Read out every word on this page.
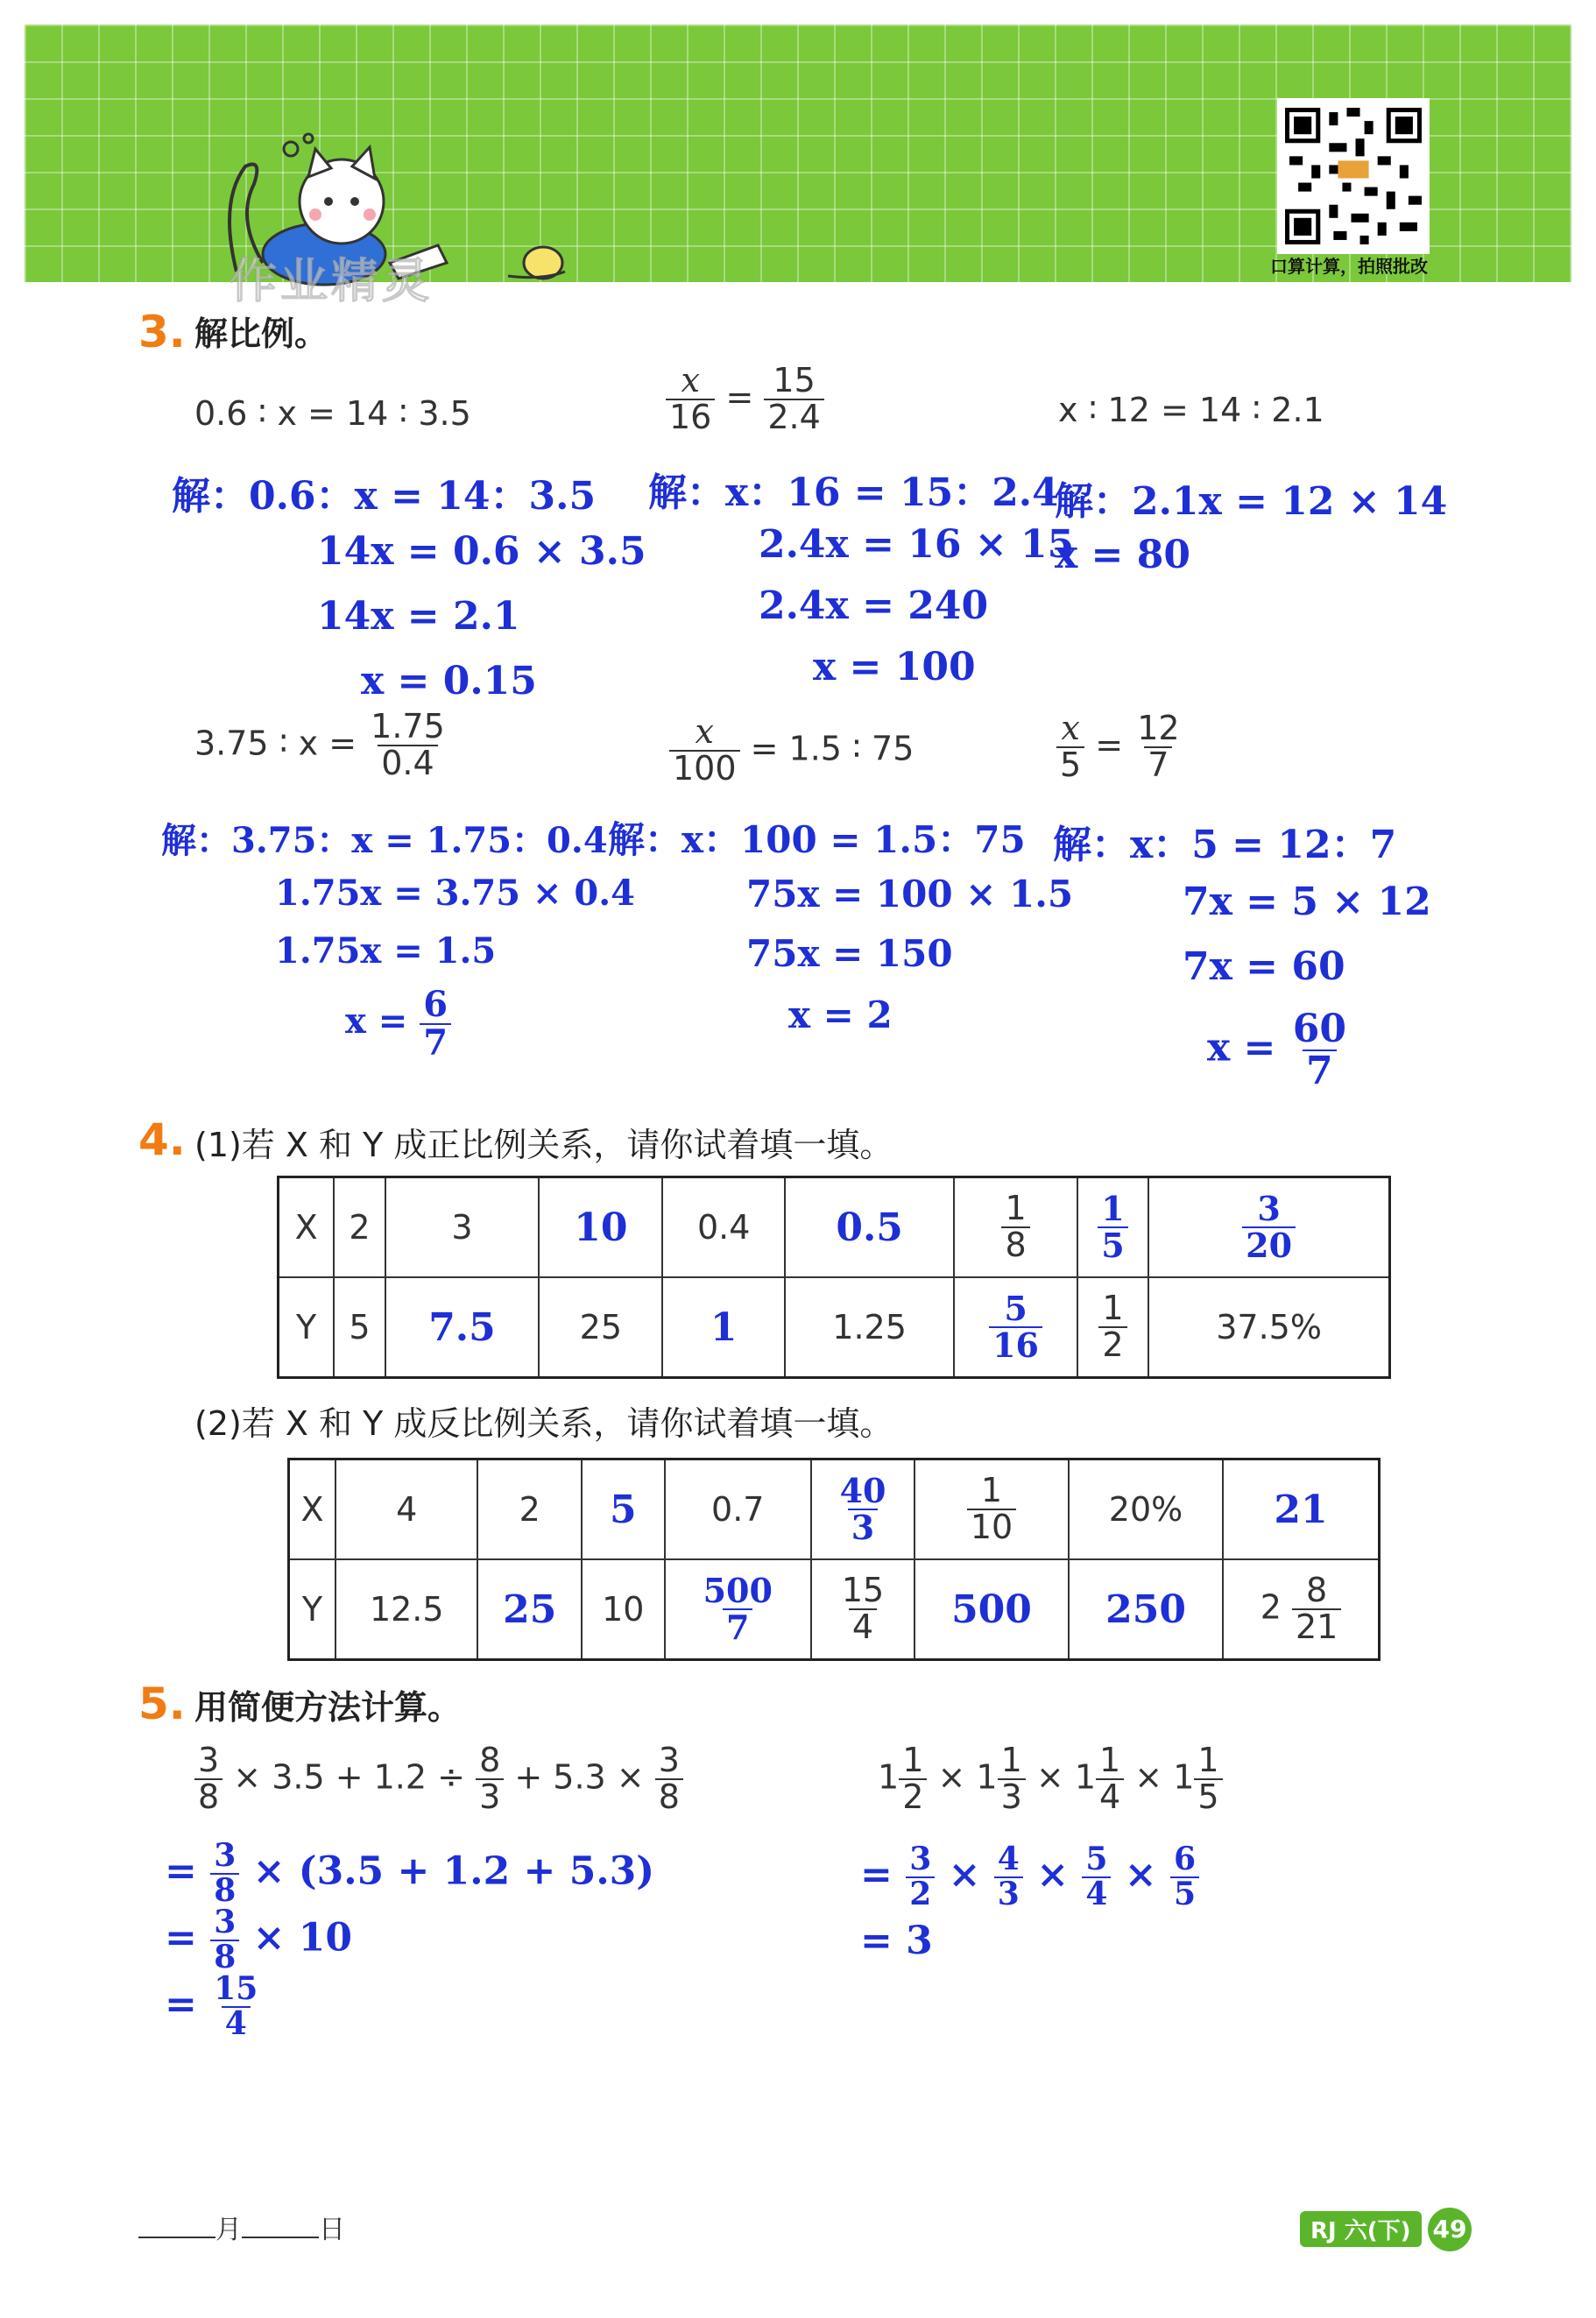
作业精灵	口算计算，拍照批改
3. 解比例。
0.6 ∶ x = 14 ∶ 3.5
解：0.6：x = 14：3.5
14x = 0.6 × 3.5
14x = 2.1
x = 0.15
$\frac{x}{16} = \frac{15}{2.4}$
解：x：16 = 15：2.4
2.4x = 16 × 15
2.4x = 240
x = 100
x ∶ 12 = 14 ∶ 2.1
解：2.1x = 12 × 14
x = 80
3.75 ∶ $x = \frac{1.75}{0.4}$
解：3.75：x = 1.75：0.4
1.75x = 3.75 × 0.4
1.75x = 1.5
$x = \frac{6}{7}$
$\frac{x}{100} = 1.5$ ∶ 75
解：x：100 = 1.5：75
75x = 100 × 1.5
75x = 150
x = 2
$\frac{x}{5} = \frac{12}{7}$
解：x：5 = 12：7
7x = 5 × 12
7x = 60
$x = \frac{60}{7}$
4. (1)若 X 和 Y 成正比例关系，请你试着填一填。
X	2	3	10	0.4	0.5	$\frac{1}{8}$	$\frac{1}{5}$	$\frac{3}{20}$

Y	5	7.5	25	1	1.25	$\frac{5}{16}$	$\frac{1}{2}$	37.5%
(2)若 X 和 Y 成反比例关系，请你试着填一填。
X	4	2	5	0.7	$\frac{40}{3}$	$\frac{1}{10}$	20%	21
Y	12.5	25	10	$\frac{500}{7}$	$\frac{15}{4}$	500	250	$2 \frac{8}{21}$
5. 用简便方法计算。
$\frac{3}{8} \times 3.5 + 1.2 \div \frac{8}{3} + 5.3 \times \frac{3}{8}$
= $\frac{3}{8} \times (3.5 + 1.2 + 5.3)$
= $\frac{3}{8} \times 10$
= $\frac{15}{4}$
$1 \frac{1}{2} \times 1 \frac{1}{3} \times 1 \frac{1}{4} \times 1 \frac{1}{5}$
= $\frac{3}{2} \times \frac{4}{3} \times \frac{5}{4} \times \frac{6}{5}$
= 3
月	日	RJ 六(下) 49
